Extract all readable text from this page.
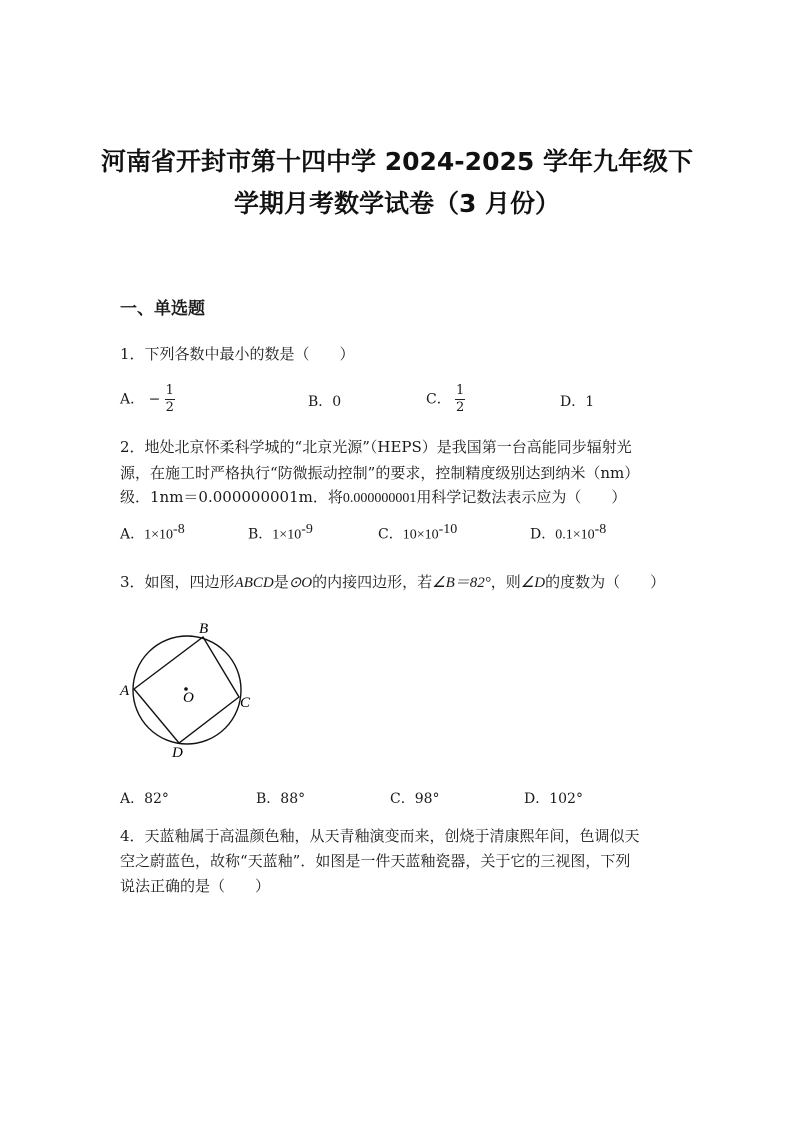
河南省开封市第十四中学 2024-2025 学年九年级下
学期月考数学试卷（3 月份）
一、单选题
1．下列各数中最小的数是（　　）
A． − $\frac{1}{2}$	B．0	C． $\frac{1}{2}$	D．1
2．地处北京怀柔科学城的“北京光源”（HEPS）是我国第一台高能同步辐射光
源，在施工时严格执行“防微振动控制”的要求，控制精度级别达到纳米（nm）
级．1nm＝0.000000001m．将0.000000001用科学记数法表示应为（　　）
A．$1\times 10^{-8}$	B．$1\times 10^{-9}$	C．$10\times 10^{-10}$	D．$0.1\times 10^{-8}$
3．如图，四边形ABCD是⊙O的内接四边形，若∠B＝82°，则∠D的度数为（　　）
A
B
C
D
O
A．82°	B．88°	C．98°	D．102°
4．天蓝釉属于高温颜色釉，从天青釉演变而来，创烧于清康熙年间，色调似天
空之蔚蓝色，故称“天蓝釉”．如图是一件天蓝釉瓷器，关于它的三视图，下列
说法正确的是（　　）
